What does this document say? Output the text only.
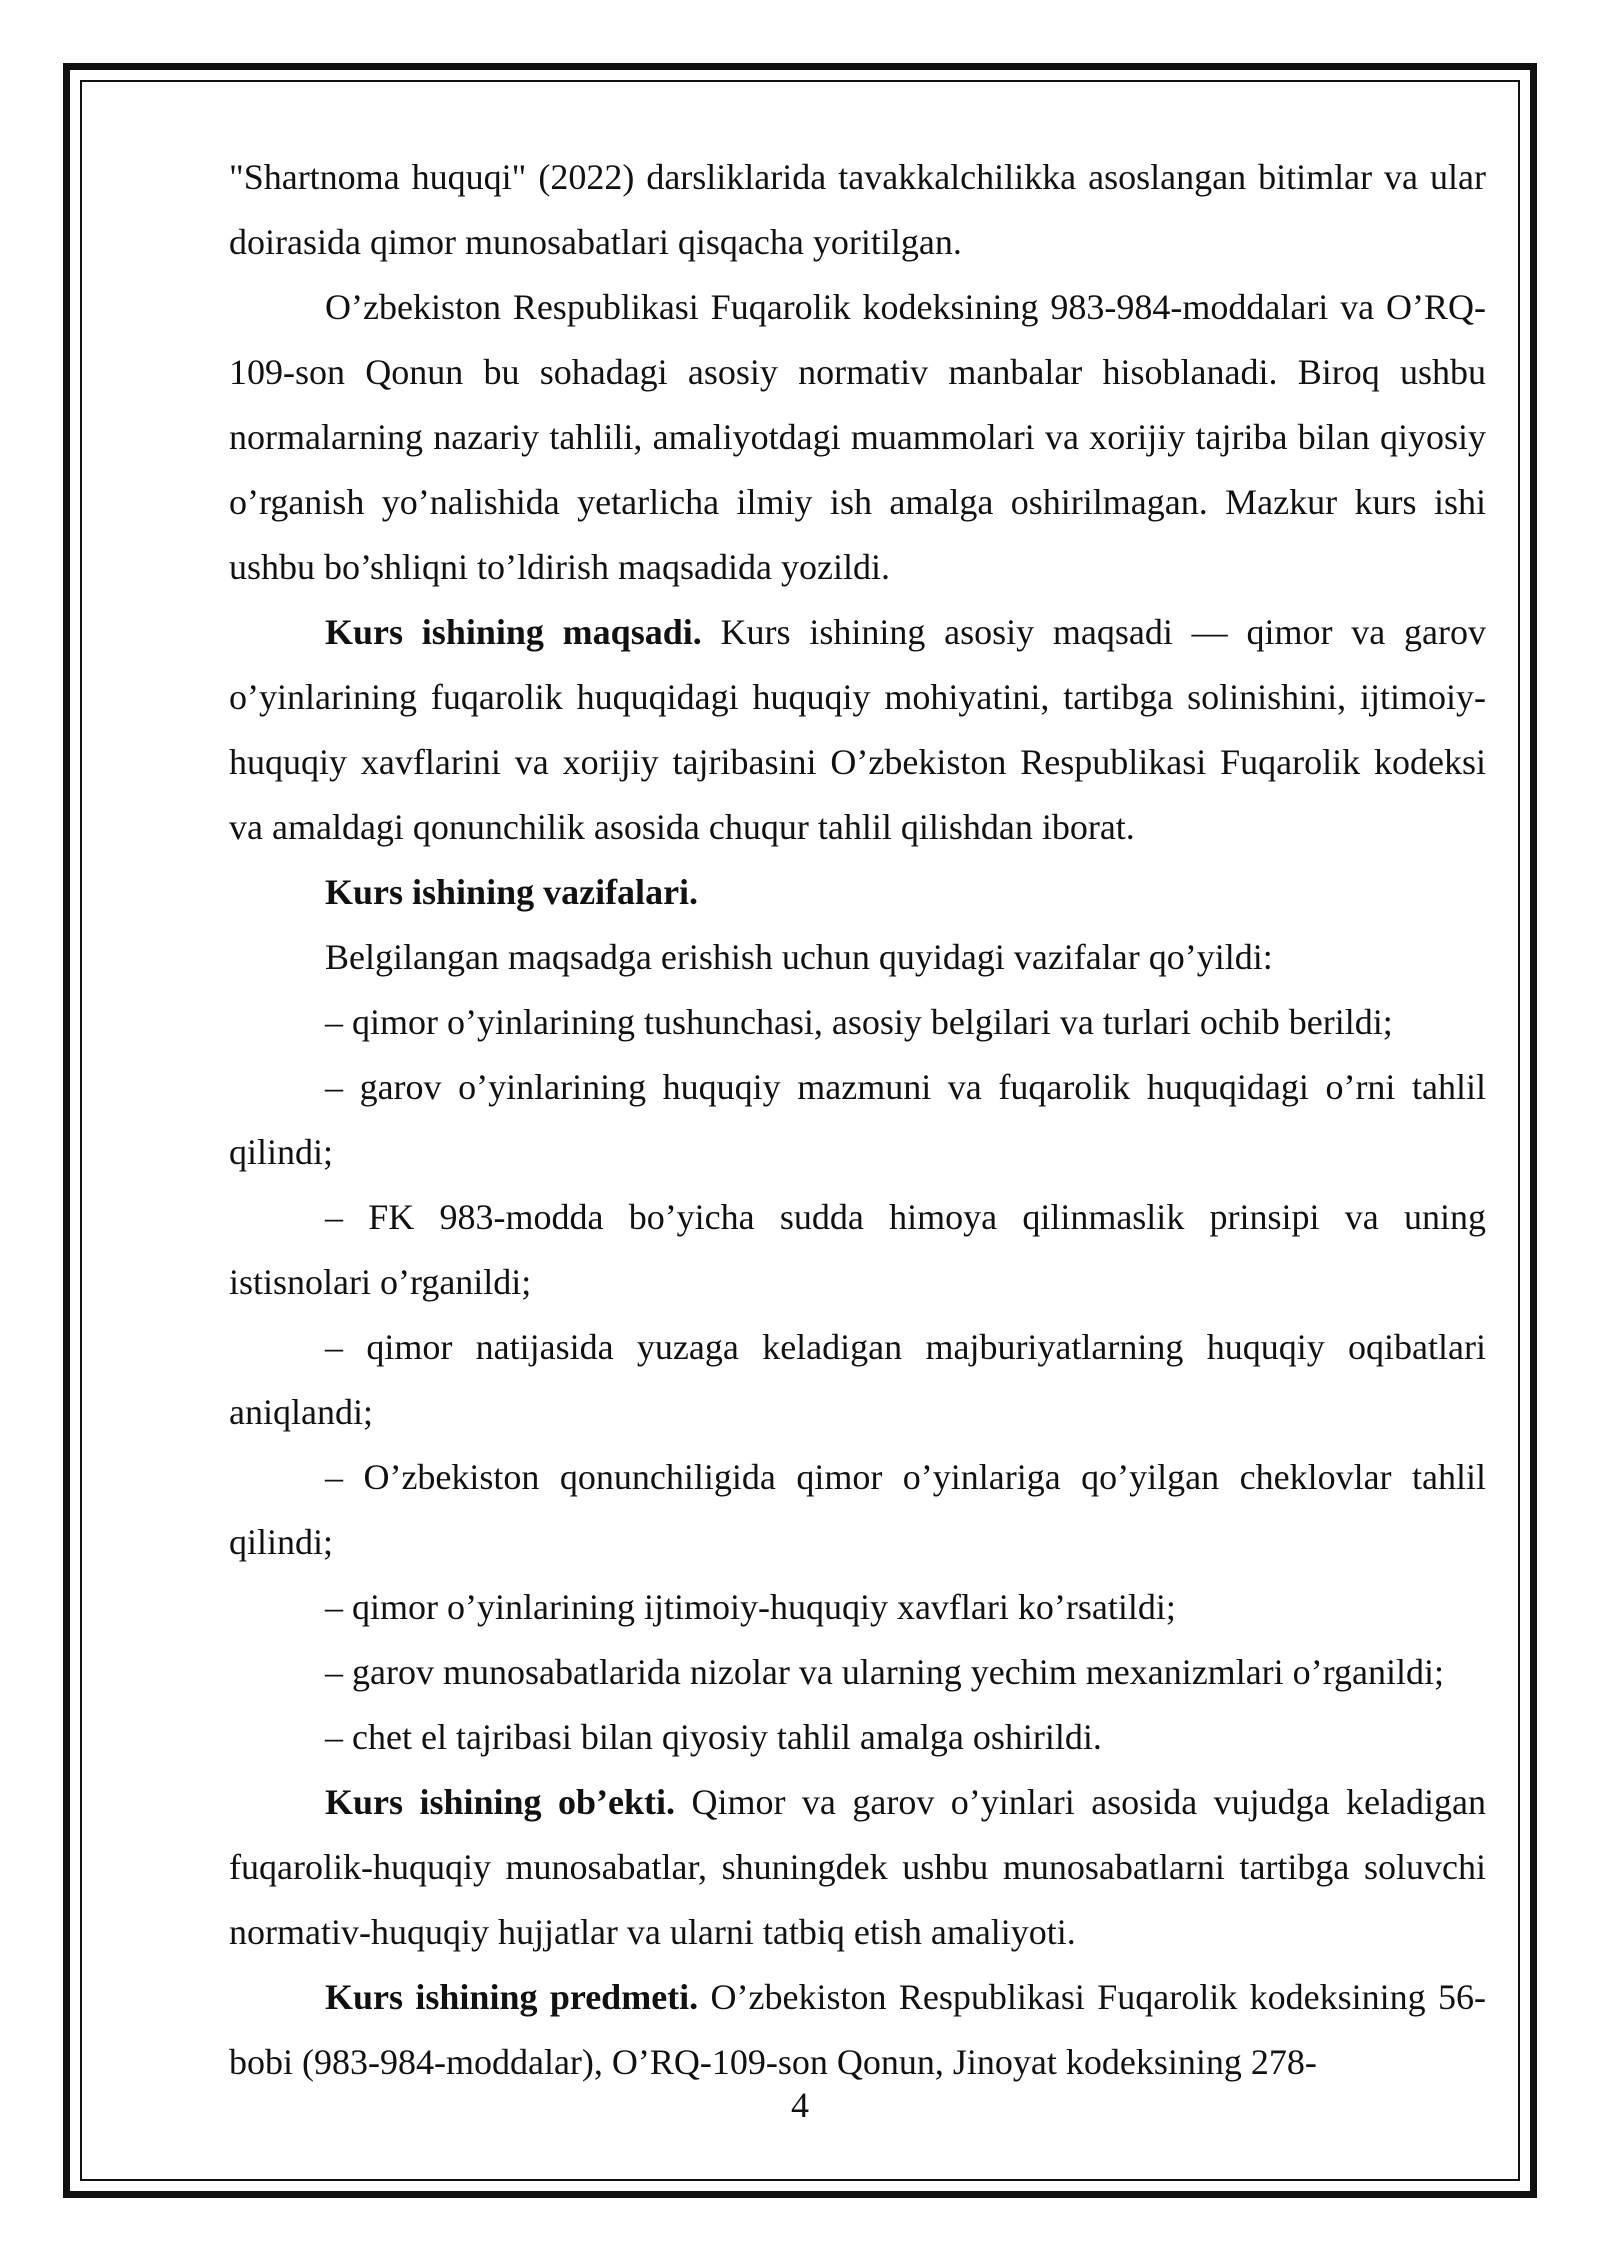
"Shartnoma huquqi" (2022) darsliklarida tavakkalchilikka asoslangan bitimlar va ular doirasida qimor munosabatlari qisqacha yoritilgan.

O’zbekiston Respublikasi Fuqarolik kodeksining 983-984-moddalari va O’RQ-109-son Qonun bu sohadagi asosiy normativ manbalar hisoblanadi. Biroq ushbu normalarning nazariy tahlili, amaliyotdagi muammolari va xorijiy tajriba bilan qiyosiy o’rganish yo’nalishida yetarlicha ilmiy ish amalga oshirilmagan. Mazkur kurs ishi ushbu bo’shliqni to’ldirish maqsadida yozildi.

Kurs ishining maqsadi. Kurs ishining asosiy maqsadi — qimor va garov o’yinlarining fuqarolik huquqidagi huquqiy mohiyatini, tartibga solinishini, ijtimoiy-huquqiy xavflarini va xorijiy tajribasini O’zbekiston Respublikasi Fuqarolik kodeksi va amaldagi qonunchilik asosida chuqur tahlil qilishdan iborat.

Kurs ishining vazifalari.

Belgilangan maqsadga erishish uchun quyidagi vazifalar qo’yildi:

– qimor o’yinlarining tushunchasi, asosiy belgilari va turlari ochib berildi;

– garov o’yinlarining huquqiy mazmuni va fuqarolik huquqidagi o’rni tahlil qilindi;

– FK 983-modda bo’yicha sudda himoya qilinmaslik prinsipi va uning istisnolari o’rganildi;

– qimor natijasida yuzaga keladigan majburiyatlarning huquqiy oqibatlari aniqlandi;

– O’zbekiston qonunchiligida qimor o’yinlariga qo’yilgan cheklovlar tahlil qilindi;

– qimor o’yinlarining ijtimoiy-huquqiy xavflari ko’rsatildi;

– garov munosabatlarida nizolar va ularning yechim mexanizmlari o’rganildi;

– chet el tajribasi bilan qiyosiy tahlil amalga oshirildi.

Kurs ishining ob’ekti. Qimor va garov o’yinlari asosida vujudga keladigan fuqarolik-huquqiy munosabatlar, shuningdek ushbu munosabatlarni tartibga soluvchi normativ-huquqiy hujjatlar va ularni tatbiq etish amaliyoti.

Kurs ishining predmeti. O’zbekiston Respublikasi Fuqarolik kodeksining 56-bobi (983-984-moddalar), O’RQ-109-son Qonun, Jinoyat kodeksining 278-

4
